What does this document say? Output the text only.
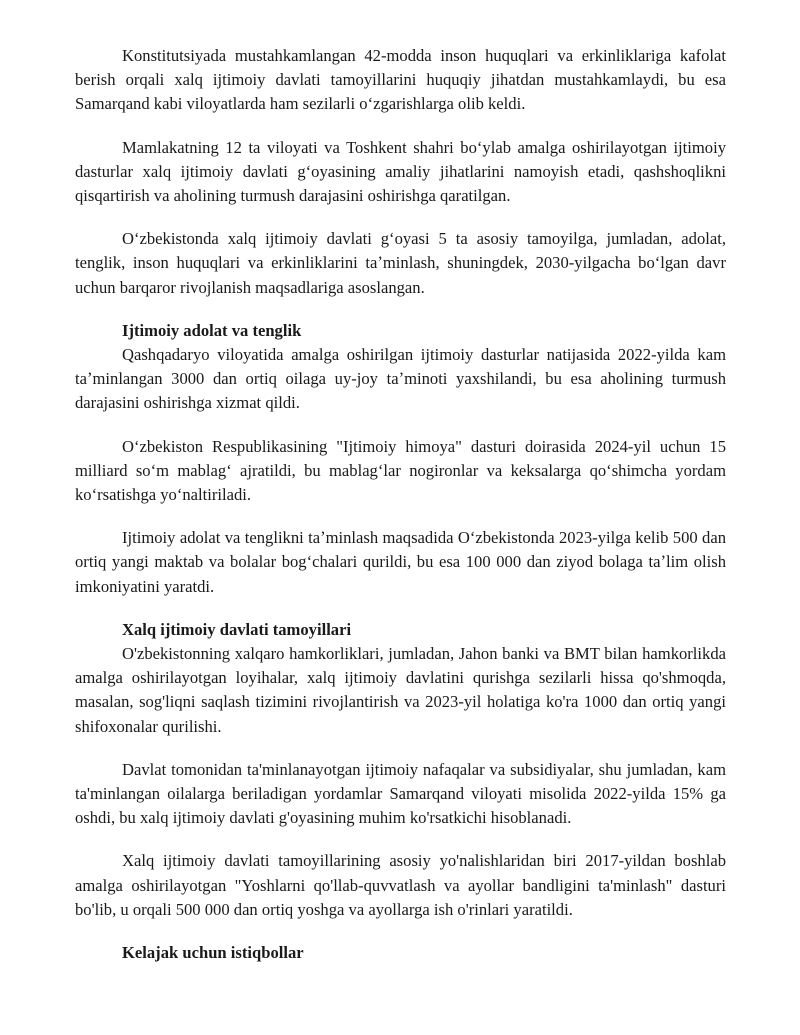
Konstitutsiyada mustahkamlangan 42-modda inson huquqlari va erkinliklariga kafolat berish orqali xalq ijtimoiy davlati tamoyillarini huquqiy jihatdan mustahkamlaydi, bu esa Samarqand kabi viloyatlarda ham sezilarli oʻzgarishlarga olib keldi.

Mamlakatning 12 ta viloyati va Toshkent shahri boʻylab amalga oshirilayotgan ijtimoiy dasturlar xalq ijtimoiy davlati gʻoyasining amaliy jihatlarini namoyish etadi, qashshoqlikni qisqartirish va aholining turmush darajasini oshirishga qaratilgan.

Oʻzbekistonda xalq ijtimoiy davlati gʻoyasi 5 ta asosiy tamoyilga, jumladan, adolat, tenglik, inson huquqlari va erkinliklarini taʼminlash, shuningdek, 2030-yilgacha boʻlgan davr uchun barqaror rivojlanish maqsadlariga asoslangan.

Ijtimoiy adolat va tenglik

Qashqadaryo viloyatida amalga oshirilgan ijtimoiy dasturlar natijasida 2022-yilda kam taʼminlangan 3000 dan ortiq oilaga uy-joy taʼminoti yaxshilandi, bu esa aholining turmush darajasini oshirishga xizmat qildi.

Oʻzbekiston Respublikasining "Ijtimoiy himoya" dasturi doirasida 2024-yil uchun 15 milliard soʻm mablagʻ ajratildi, bu mablagʻlar nogironlar va keksalarga qoʻshimcha yordam koʻrsatishga yoʻnaltiriladi.

Ijtimoiy adolat va tenglikni taʼminlash maqsadida Oʻzbekistonda 2023-yilga kelib 500 dan ortiq yangi maktab va bolalar bogʻchalari qurildi, bu esa 100 000 dan ziyod bolaga taʼlim olish imkoniyatini yaratdi.

Xalq ijtimoiy davlati tamoyillari

O'zbekistonning xalqaro hamkorliklari, jumladan, Jahon banki va BMT bilan hamkorlikda amalga oshirilayotgan loyihalar, xalq ijtimoiy davlatini qurishga sezilarli hissa qo'shmoqda, masalan, sog'liqni saqlash tizimini rivojlantirish va 2023-yil holatiga ko'ra 1000 dan ortiq yangi shifoxonalar qurilishi.

Davlat tomonidan ta'minlanayotgan ijtimoiy nafaqalar va subsidiyalar, shu jumladan, kam ta'minlangan oilalarga beriladigan yordamlar Samarqand viloyati misolida 2022-yilda 15% ga oshdi, bu xalq ijtimoiy davlati g'oyasining muhim ko'rsatkichi hisoblanadi.

Xalq ijtimoiy davlati tamoyillarining asosiy yo'nalishlaridan biri 2017-yildan boshlab amalga oshirilayotgan "Yoshlarni qo'llab-quvvatlash va ayollar bandligini ta'minlash" dasturi bo'lib, u orqali 500 000 dan ortiq yoshga va ayollarga ish o'rinlari yaratildi.

Kelajak uchun istiqbollar
